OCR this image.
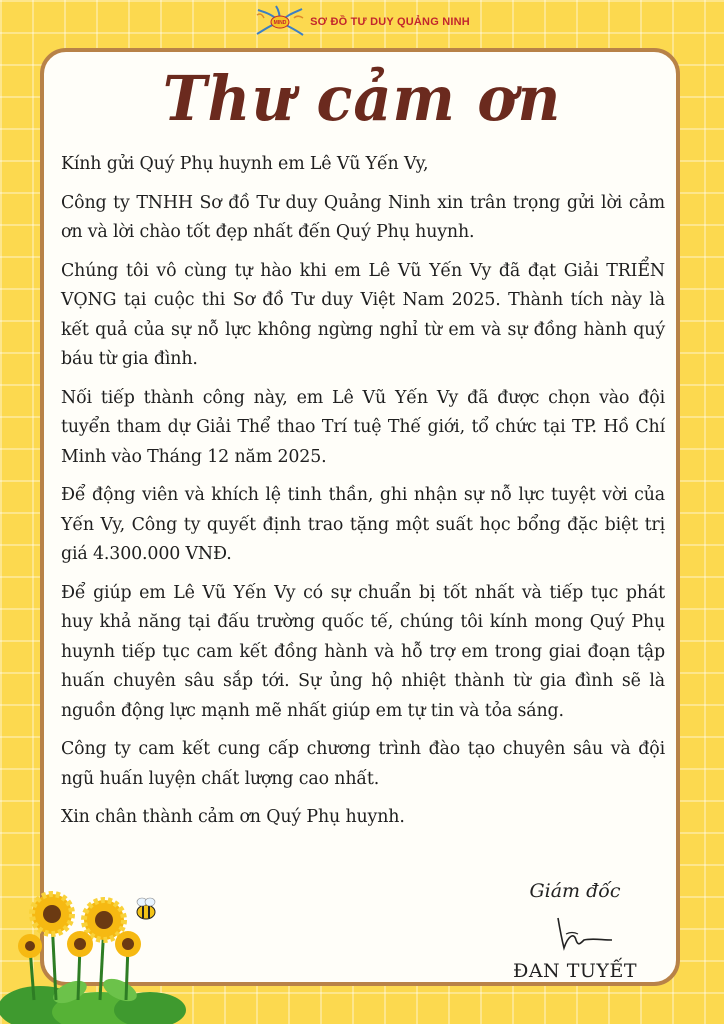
MIND SƠ ĐỒ TƯ DUY QUẢNG NINH
Thư cảm ơn

Kính gửi Quý Phụ huynh em Lê Vũ Yến Vy,

Công ty TNHH Sơ đồ Tư duy Quảng Ninh xin trân trọng gửi lời cảm ơn và lời chào tốt đẹp nhất đến Quý Phụ huynh.

Chúng tôi vô cùng tự hào khi em Lê Vũ Yến Vy đã đạt Giải TRIỂN VỌNG tại cuộc thi Sơ đồ Tư duy Việt Nam 2025. Thành tích này là kết quả của sự nỗ lực không ngừng nghỉ từ em và sự đồng hành quý báu từ gia đình.

Nối tiếp thành công này, em Lê Vũ Yến Vy đã được chọn vào đội tuyển tham dự Giải Thể thao Trí tuệ Thế giới, tổ chức tại TP. Hồ Chí Minh vào Tháng 12 năm 2025.

Để động viên và khích lệ tinh thần, ghi nhận sự nỗ lực tuyệt vời của Yến Vy, Công ty quyết định trao tặng một suất học bổng đặc biệt trị giá 4.300.000 VNĐ.

Để giúp em Lê Vũ Yến Vy có sự chuẩn bị tốt nhất và tiếp tục phát huy khả năng tại đấu trường quốc tế, chúng tôi kính mong Quý Phụ huynh tiếp tục cam kết đồng hành và hỗ trợ em trong giai đoạn tập huấn chuyên sâu sắp tới. Sự ủng hộ nhiệt thành từ gia đình sẽ là nguồn động lực mạnh mẽ nhất giúp em tự tin và tỏa sáng.

Công ty cam kết cung cấp chương trình đào tạo chuyên sâu và đội ngũ huấn luyện chất lượng cao nhất.

Xin chân thành cảm ơn Quý Phụ huynh.

Giám đốc
ĐAN TUYẾT
